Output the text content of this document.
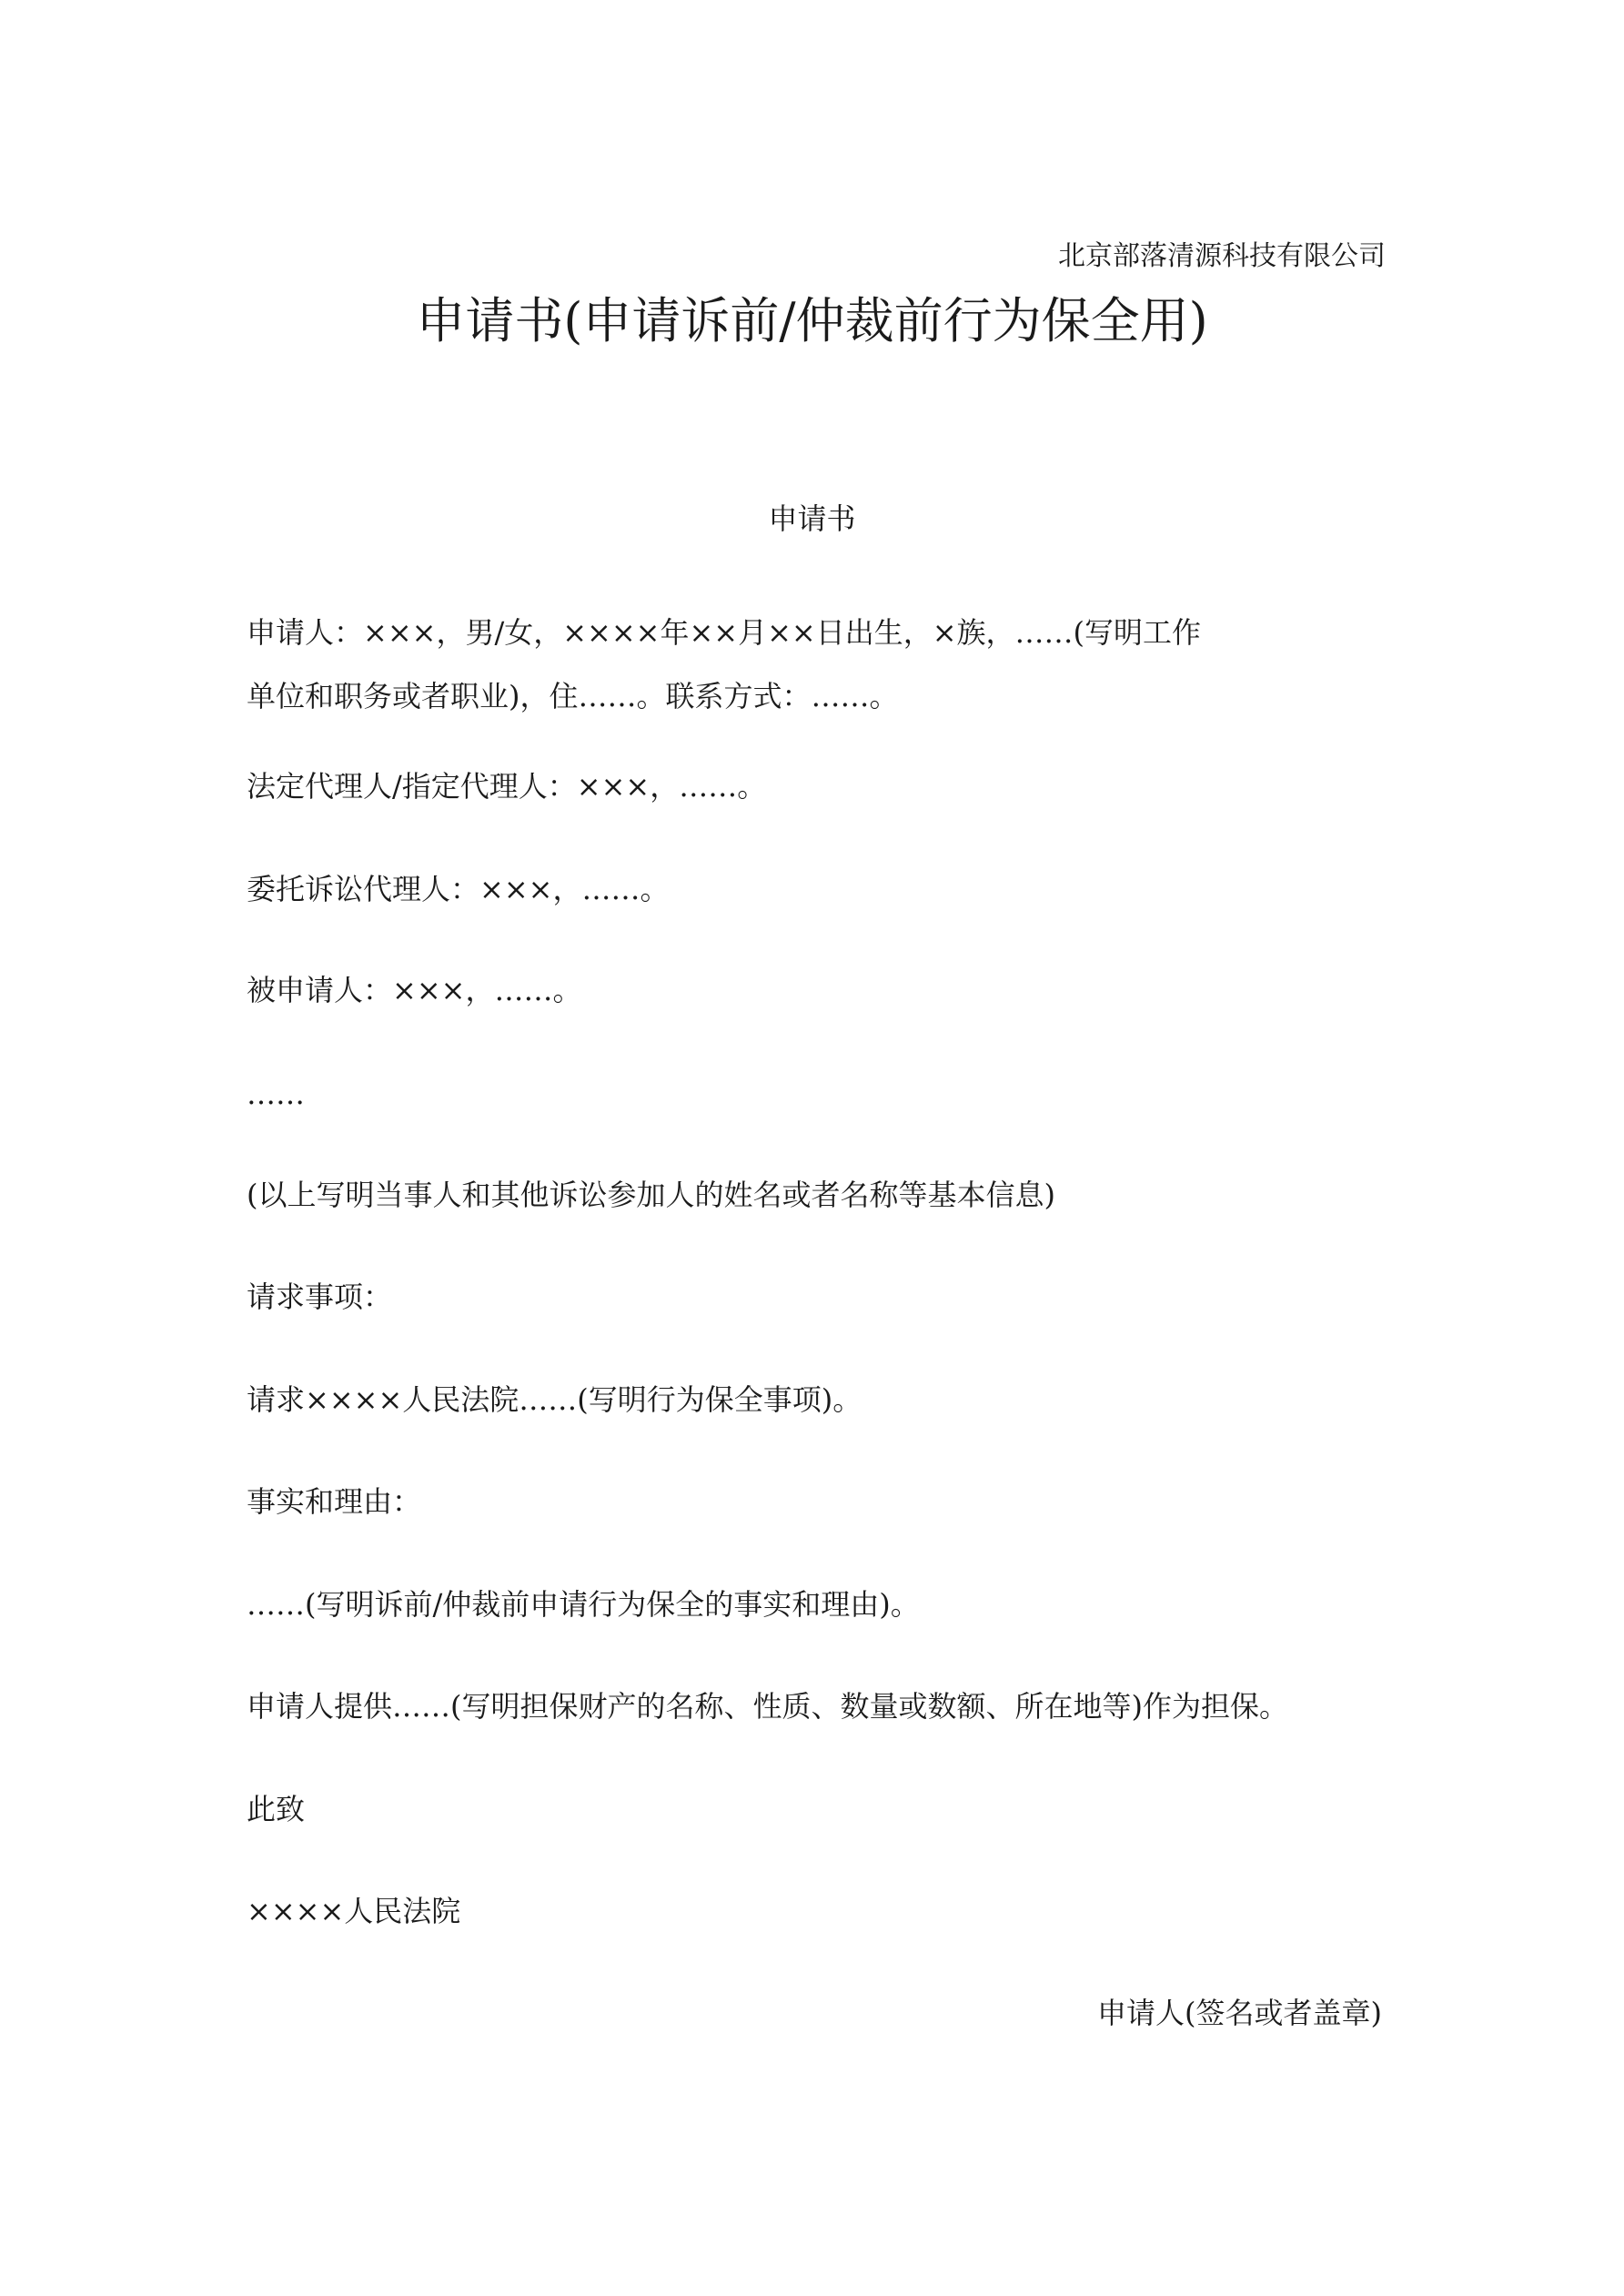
北京部落清源科技有限公司
申请书(申请诉前/仲裁前行为保全用)
申请书
申请人：×××，男/女，××××年××月××日出生，×族，……(写明工作
单位和职务或者职业)，住……。联系方式：……。
法定代理人/指定代理人：×××，……。
委托诉讼代理人：×××，……。
被申请人：×××，……。
……
(以上写明当事人和其他诉讼参加人的姓名或者名称等基本信息)
请求事项：
请求××××人民法院……(写明行为保全事项)。
事实和理由：
……(写明诉前/仲裁前申请行为保全的事实和理由)。
申请人提供……(写明担保财产的名称、性质、数量或数额、所在地等)作为担保。
此致
××××人民法院
申请人(签名或者盖章)
